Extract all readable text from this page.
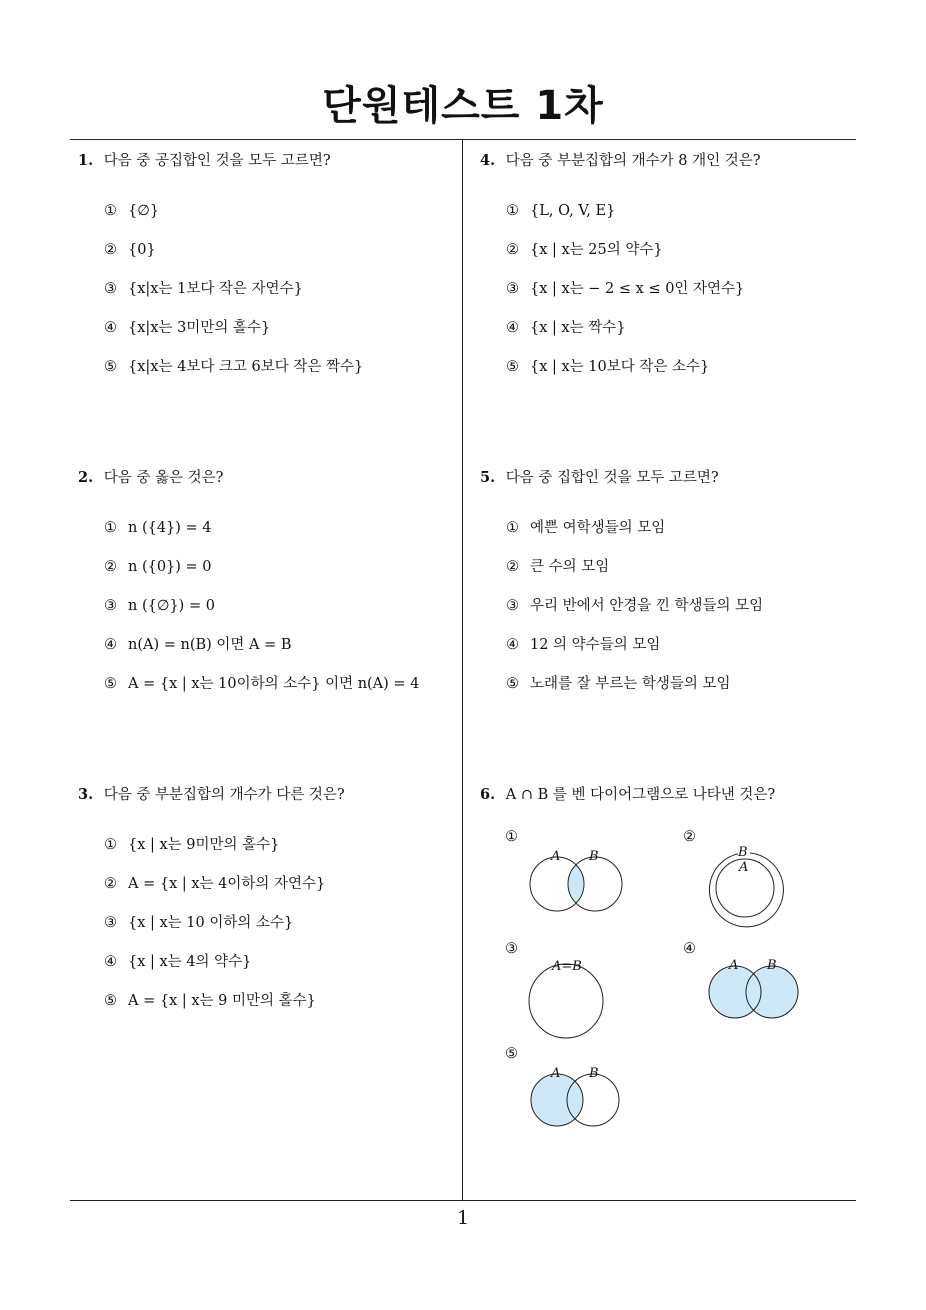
단원테스트 1차
1. 다음 중 공집합인 것을 모두 고르면?
① {∅}
② {0}
③ {x|x는 1보다 작은 자연수}
④ {x|x는 3미만의 홀수}
⑤ {x|x는 4보다 크고 6보다 작은 짝수}
2. 다음 중 옳은 것은?
① n ({4}) = 4
② n ({0}) = 0
③ n ({∅}) = 0
④ n(A) = n(B) 이면 A = B
⑤ A = {x | x는 10이하의 소수} 이면 n(A) = 4
3. 다음 중 부분집합의 개수가 다른 것은?
① {x | x는 9미만의 홀수}
② A = {x | x는 4이하의 자연수}
③ {x | x는 10 이하의 소수}
④ {x | x는 4의 약수}
⑤ A = {x | x는 9 미만의 홀수}
4. 다음 중 부분집합의 개수가 8 개인 것은?
① {L, O, V, E}
② {x | x는 25의 약수}
③ {x | x는 − 2 ≤ x ≤ 0인 자연수}
④ {x | x는 짝수}
⑤ {x | x는 10보다 작은 소수}
5. 다음 중 집합인 것을 모두 고르면?
① 예쁜 여학생들의 모임
② 큰 수의 모임
③ 우리 반에서 안경을 낀 학생들의 모임
④ 12 의 약수들의 모임
⑤ 노래를 잘 부르는 학생들의 모임
6. A ∩ B 를 벤 다이어그램으로 나타낸 것은?
①
A B
②
B
A
③
A=B
④
A B
⑤
A B
1
